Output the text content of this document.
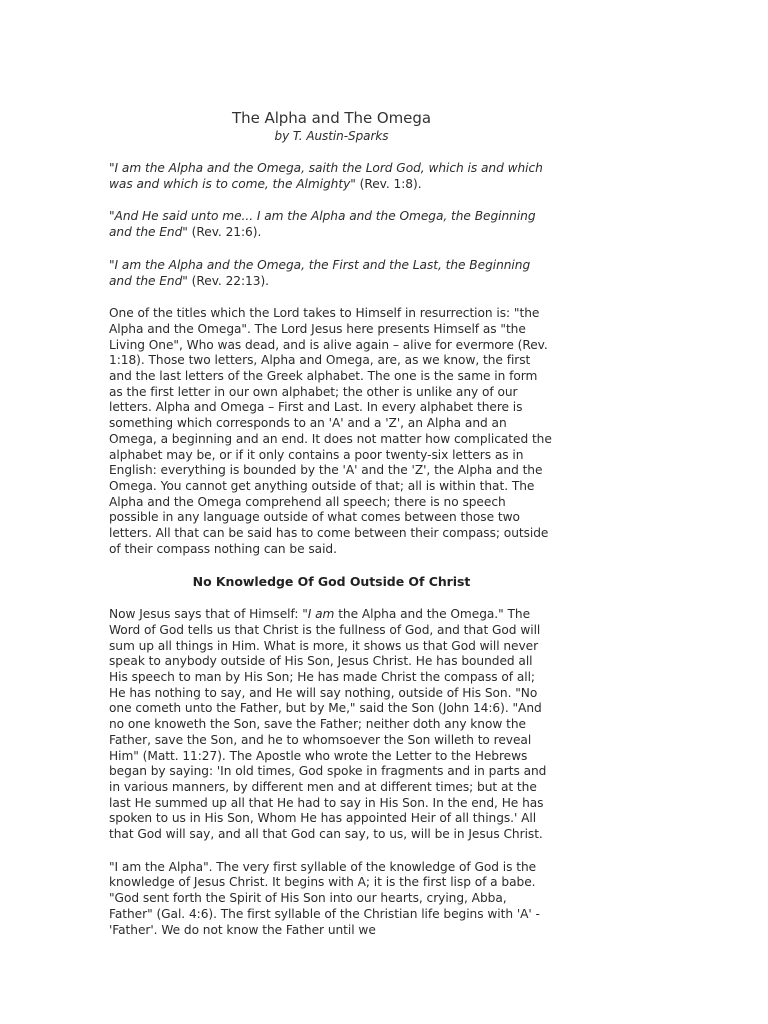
The Alpha and The Omega

by T. Austin-Sparks

"I am the Alpha and the Omega, saith the Lord God, which is and which was and which is to come, the Almighty" (Rev. 1:8).

"And He said unto me... I am the Alpha and the Omega, the Beginning and the End" (Rev. 21:6).

"I am the Alpha and the Omega, the First and the Last, the Beginning and the End" (Rev. 22:13).

One of the titles which the Lord takes to Himself in resurrection is: "the Alpha and the Omega". The Lord Jesus here presents Himself as "the Living One", Who was dead, and is alive again – alive for evermore (Rev. 1:18). Those two letters, Alpha and Omega, are, as we know, the first and the last letters of the Greek alphabet. The one is the same in form as the first letter in our own alphabet; the other is unlike any of our letters. Alpha and Omega – First and Last. In every alphabet there is something which corresponds to an 'A' and a 'Z', an Alpha and an Omega, a beginning and an end. It does not matter how complicated the alphabet may be, or if it only contains a poor twenty-six letters as in English: everything is bounded by the 'A' and the 'Z', the Alpha and the Omega. You cannot get anything outside of that; all is within that. The Alpha and the Omega comprehend all speech; there is no speech possible in any language outside of what comes between those two letters. All that can be said has to come between their compass; outside of their compass nothing can be said.

No Knowledge Of God Outside Of Christ

Now Jesus says that of Himself: "I am the Alpha and the Omega." The Word of God tells us that Christ is the fullness of God, and that God will sum up all things in Him. What is more, it shows us that God will never speak to anybody outside of His Son, Jesus Christ. He has bounded all His speech to man by His Son; He has made Christ the compass of all; He has nothing to say, and He will say nothing, outside of His Son. "No one cometh unto the Father, but by Me," said the Son (John 14:6). "And no one knoweth the Son, save the Father; neither doth any know the Father, save the Son, and he to whomsoever the Son willeth to reveal Him" (Matt. 11:27). The Apostle who wrote the Letter to the Hebrews began by saying: 'In old times, God spoke in fragments and in parts and in various manners, by different men and at different times; but at the last He summed up all that He had to say in His Son. In the end, He has spoken to us in His Son, Whom He has appointed Heir of all things.' All that God will say, and all that God can say, to us, will be in Jesus Christ.

"I am the Alpha". The very first syllable of the knowledge of God is the knowledge of Jesus Christ. It begins with A; it is the first lisp of a babe. "God sent forth the Spirit of His Son into our hearts, crying, Abba, Father" (Gal. 4:6). The first syllable of the Christian life begins with 'A' - 'Father'. We do not know the Father until we
